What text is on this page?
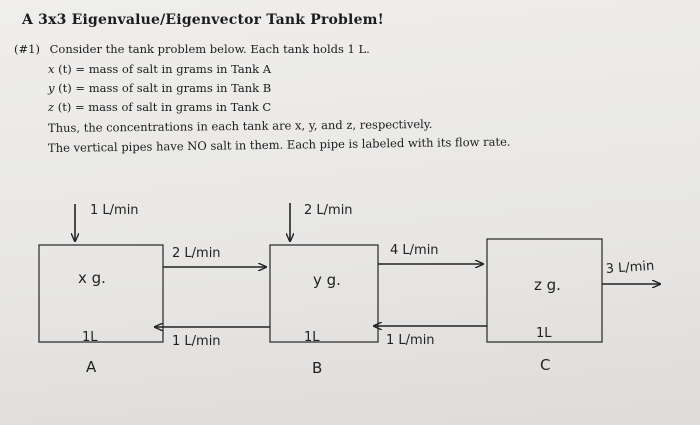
A 3x3 Eigenvalue/Eigenvector Tank Problem!
(#1) Consider the tank problem below. Each tank holds 1 L.
x (t) = mass of salt in grams in Tank A
y (t) = mass of salt in grams in Tank B
z (t) = mass of salt in grams in Tank C
Thus, the concentrations in each tank are x, y, and z, respectively.
The vertical pipes have NO salt in them. Each pipe is labeled with its flow rate.
1 L/min	2 L/min
2 L/min
1 L/min
4 L/min
1 L/min
3 L/min
x g.	y g.	z g.
1L	1L	1L
A	B	C
